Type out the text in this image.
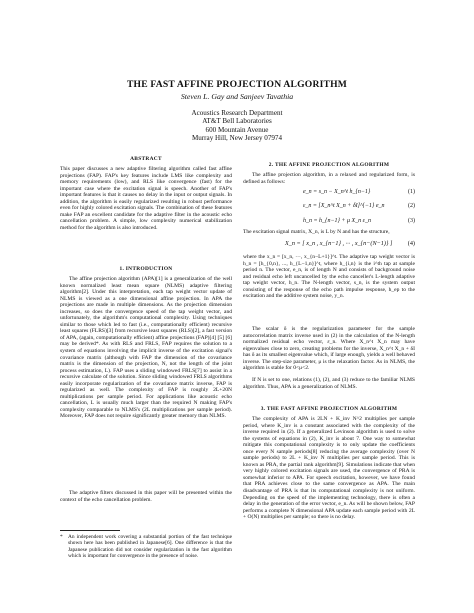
THE FAST AFFINE PROJECTION ALGORITHM
Steven L. Gay and Sanjeev Tavathia
Acoustics Research Department
AT&T Bell Laboratories
600 Mountain Avenue
Murray Hill, New Jersey 07974
ABSTRACT
This paper discusses a new adaptive filtering algorithm called fast affine projections (FAP). FAP's key features include LMS like complexity and memory requirements (low), and RLS like convergence (fast) for the important case where the excitation signal is speech. Another of FAP's important features is that it causes no delay in the input or output signals. In addition, the algorithm is easily regularized resulting in robust performance even for highly colored excitation signals. The combination of these features make FAP an excellent candidate for the adaptive filter in the acoustic echo cancellation problem. A simple, low complexity numerical stabilization method for the algorithm is also introduced.
1. INTRODUCTION
The affine projection algorithm (APA)[1] is a generalization of the well known normalized least mean square (NLMS) adaptive filtering algorithm[2]. Under this interpretation, each tap weight vector update of NLMS is viewed as a one dimensional affine projection. In APA the projections are made in multiple dimensions. As the projection dimension increases, so does the convergence speed of the tap weight vector, and unfortunately, the algorithm's computational complexity. Using techniques similar to those which led to fast (i.e., computationally efficient) recursive least squares (FLRS)[3] from recursive least squares (RLS)[2], a fast version of APA, (again, computationally efficient) affine projections (FAP)[4] [5] [6] may be derived*. As with RLS and FRLS, FAP requires the solution to a system of equations involving the implicit inverse of the excitation signal's covariance matrix (although with FAP the dimension of the covariance matrix is the dimension of the projection, N, not the length of the joint process estimation, L). FAP uses a sliding windowed FRLS[7] to assist in a recursive calculate of the solution. Since sliding windowed FRLS algorithms easily incorporate regularization of the covariance matrix inverse, FAP is regularized as well. The complexity of FAP is roughly 2L+20N multiplications per sample period. For applications like acoustic echo cancellation, L is usually much larger than the required N making FAP's complexity comparable to NLMS's (2L multiplications per sample period). Moreover, FAP does not require significantly greater memory than NLMS.
The adaptive filters discussed in this paper will be presented within the context of the echo cancellation problem.
* An independent work covering a substantial portion of the fast technique shown here has been published in Japanese[6]. One difference is that the Japanese publication did not consider regularization in the fast algorithm which is important for convergence in the presence of noise.
2. THE AFFINE PROJECTION ALGORITHM
The affine projection algorithm, in a relaxed and regularized form, is defined as follows:
e_n = s_n − X_n^t h_{n−1}	(1)
ε_n = [X_n^t X_n + δI]^{−1} e_n	(2)
h_n = h_{n−1} + μ X_n ε_n	(3)
The excitation signal matrix, X_n, is L by N and has the structure,
X_n = [ x_n , x_{n−1} , ··· , x_{n−(N−1)} ] (4)
where the x_n = [x_n, ···, x_{n−L+1}]^t. The adaptive tap weight vector is h_n = [h_{0,n}, ..., h_{L−1,n}]^t, where h_{i,n} is the i^th tap at sample period n. The vector, e_n, is of length N and consists of background noise and residual echo left uncancelled by the echo canceller's L-length adaptive tap weight vector, h_n. The N-length vector, s_n, is the system output consisting of the response of the echo path impulse response, h_ep to the excitation and the additive system noise, y_n.
The scalar δ is the regularization parameter for the sample autocorrelation matrix inverse used in (2) in the calculation of the N-length normalized residual echo vector, ε_n. Where X_n^t X_n may have eigenvalues close to zero, creating problems for the inverse, X_n^t X_n + δI has δ as its smallest eigenvalue which, if large enough, yields a well behaved inverse. The step-size parameter, μ is the relaxation factor. As in NLMS, the algorithm is stable for 0<μ<2.
If N is set to one, relations (1), (2), and (3) reduce to the familiar NLMS algorithm. Thus, APA is a generalization of NLMS.
3. THE FAST AFFINE PROJECTION ALGORITHM
The complexity of APA is 2LN + K_inv N^2 multiplies per sample period, where K_inv is a constant associated with the complexity of the inverse required in (2). If a generalized Levinson algorithm is used to solve the systems of equations in (2), K_inv is about 7. One way to somewhat mitigate this computational complexity is to only update the coefficients once every N sample periods[8] reducing the average complexity (over N sample periods) to 2L + K_inv N multiplies per sample period. This is known as PRA, the partial rank algorithm[9]. Simulations indicate that when very highly colored excitation signals are used, the convergence of PRA is somewhat inferior to APA. For speech excitation, however, we have found that PRA achieves close to the same convergence as APA. The main disadvantage of PRA is that its computational complexity is not uniform. Depending on the speed of the implementing technology, there is often a delay in the generation of the error vector, e_n. As will be shown below, FAP performs a complete N dimensional APA update each sample period with 2L + O(N) multiplies per sample; so there is no delay.
